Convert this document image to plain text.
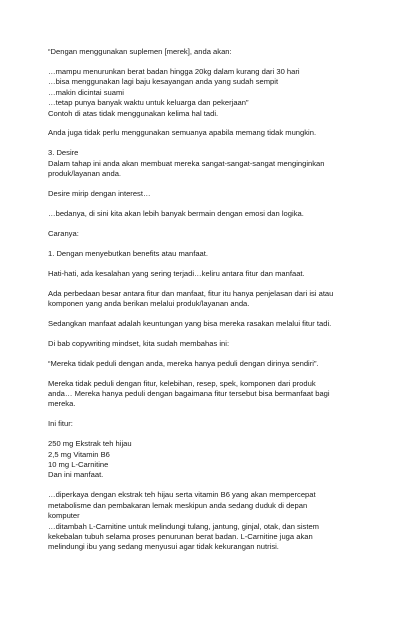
“Dengan menggunakan suplemen [merek], anda akan:
…mampu menurunkan berat badan hingga 20kg dalam kurang dari 30 hari
…bisa menggunakan lagi baju kesayangan anda yang sudah sempit
…makin dicintai suami
…tetap punya banyak waktu untuk keluarga dan pekerjaan”
Contoh di atas tidak menggunakan kelima hal tadi.
Anda juga tidak perlu menggunakan semuanya apabila memang tidak mungkin.
3. Desire
Dalam tahap ini anda akan membuat mereka sangat-sangat-sangat menginginkan
produk/layanan anda.
Desire mirip dengan interest…
…bedanya, di sini kita akan lebih banyak bermain dengan emosi dan logika.
Caranya:
1. Dengan menyebutkan benefits atau manfaat.
Hati-hati, ada kesalahan yang sering terjadi…keliru antara fitur dan manfaat.
Ada perbedaan besar antara fitur dan manfaat, fitur itu hanya penjelasan dari isi atau
komponen yang anda berikan melalui produk/layanan anda.
Sedangkan manfaat adalah keuntungan yang bisa mereka rasakan melalui fitur tadi.
Di bab copywriting mindset, kita sudah membahas ini:
“Mereka tidak peduli dengan anda, mereka hanya peduli dengan dirinya sendiri”.
Mereka tidak peduli dengan fitur, kelebihan, resep, spek, komponen dari produk
anda… Mereka hanya peduli dengan bagaimana fitur tersebut bisa bermanfaat bagi
mereka.
Ini fitur:
250 mg Ekstrak teh hijau
2,5 mg Vitamin B6
10 mg L-Carnitine
Dan ini manfaat.
…diperkaya dengan ekstrak teh hijau serta vitamin B6 yang akan mempercepat
metabolisme dan pembakaran lemak meskipun anda sedang duduk di depan
komputer
…ditambah L-Carnitine untuk melindungi tulang, jantung, ginjal, otak, dan sistem
kekebalan tubuh selama proses penurunan berat badan. L-Carnitine juga akan
melindungi ibu yang sedang menyusui agar tidak kekurangan nutrisi.
